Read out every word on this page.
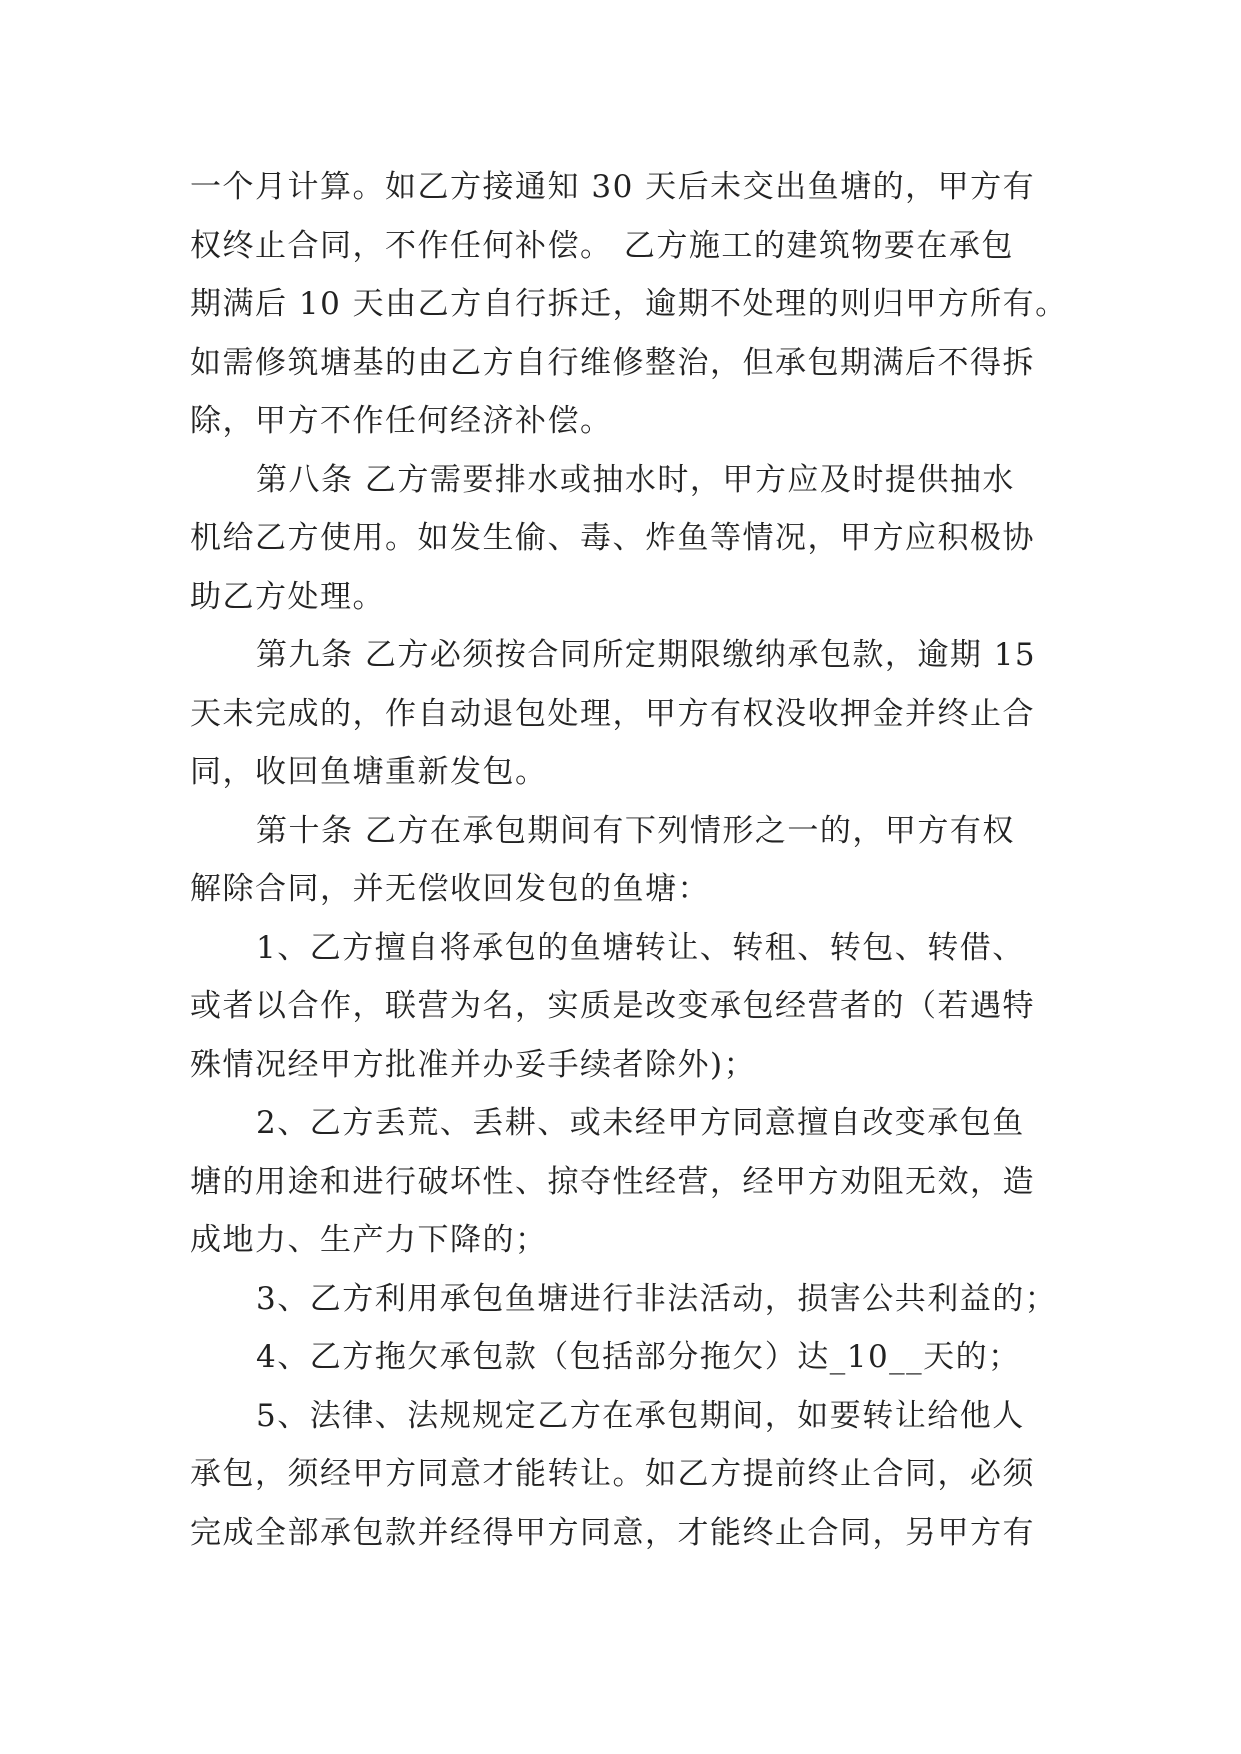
一个月计算。如乙方接通知 30 天后未交出鱼塘的，甲方有
权终止合同，不作任何补偿。 乙方施工的建筑物要在承包
期满后 10 天由乙方自行拆迁，逾期不处理的则归甲方所有。
如需修筑塘基的由乙方自行维修整治，但承包期满后不得拆
除，甲方不作任何经济补偿。
第八条 乙方需要排水或抽水时，甲方应及时提供抽水
机给乙方使用。如发生偷、毒、炸鱼等情况，甲方应积极协
助乙方处理。
第九条 乙方必须按合同所定期限缴纳承包款，逾期 15
天未完成的，作自动退包处理，甲方有权没收押金并终止合
同，收回鱼塘重新发包。
第十条 乙方在承包期间有下列情形之一的，甲方有权
解除合同，并无偿收回发包的鱼塘：
1、乙方擅自将承包的鱼塘转让、转租、转包、转借、
或者以合作，联营为名，实质是改变承包经营者的（若遇特
殊情况经甲方批准并办妥手续者除外)；
2、乙方丢荒、丢耕、或未经甲方同意擅自改变承包鱼
塘的用途和进行破坏性、掠夺性经营，经甲方劝阻无效，造
成地力、生产力下降的；
3、乙方利用承包鱼塘进行非法活动，损害公共利益的；
4、乙方拖欠承包款（包括部分拖欠）达_10__天的；
5、法律、法规规定乙方在承包期间，如要转让给他人
承包，须经甲方同意才能转让。如乙方提前终止合同，必须
完成全部承包款并经得甲方同意，才能终止合同，另甲方有
